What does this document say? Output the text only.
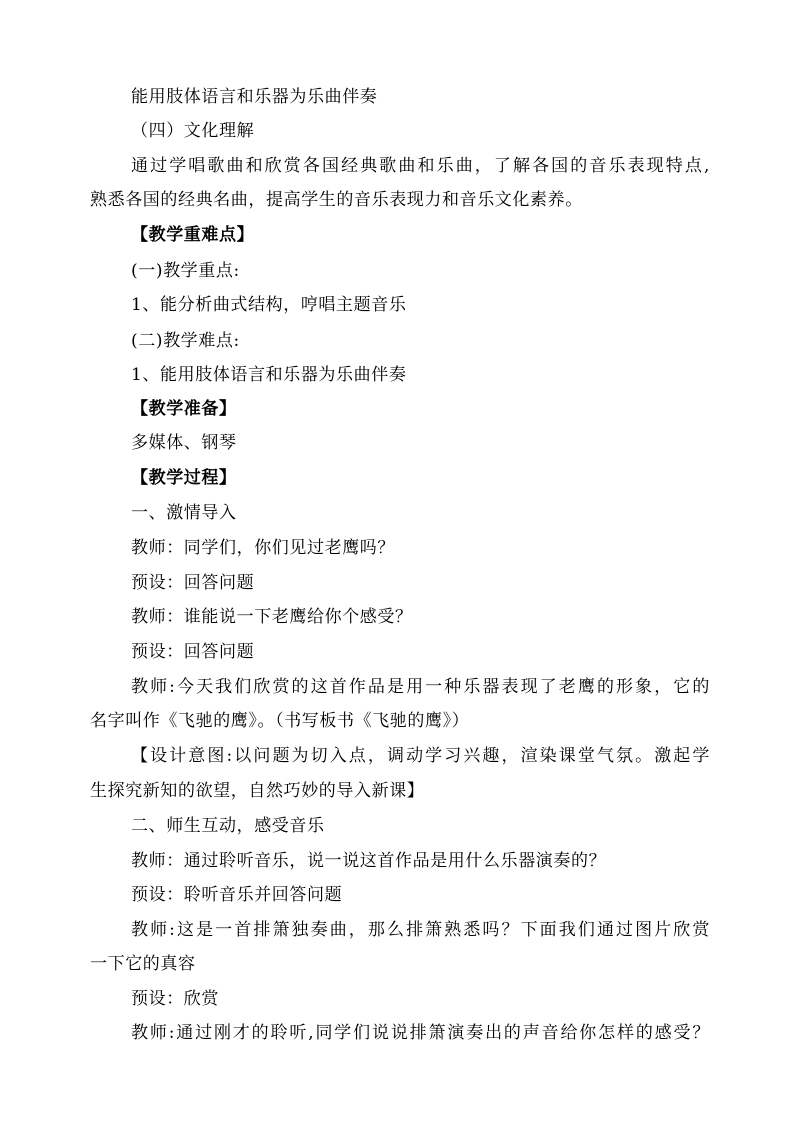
能用肢体语言和乐器为乐曲伴奏
（四）文化理解
通过学唱歌曲和欣赏各国经典歌曲和乐曲，了解各国的音乐表现特点,
熟悉各国的经典名曲，提高学生的音乐表现力和音乐文化素养。
【教学重难点】
(一)教学重点:
1、能分析曲式结构，哼唱主题音乐
(二)教学难点:
1、能用肢体语言和乐器为乐曲伴奏
【教学准备】
多媒体、钢琴
【教学过程】
一、激情导入
教师：同学们，你们见过老鹰吗？
预设：回答问题
教师：谁能说一下老鹰给你个感受？
预设：回答问题
教师:今天我们欣赏的这首作品是用一种乐器表现了老鹰的形象，它的
名字叫作《飞驰的鹰》。（书写板书《飞驰的鹰》）
【设计意图:以问题为切入点，调动学习兴趣，渲染课堂气氛。激起学
生探究新知的欲望，自然巧妙的导入新课】
二、师生互动，感受音乐
教师：通过聆听音乐，说一说这首作品是用什么乐器演奏的？
预设：聆听音乐并回答问题
教师:这是一首排箫独奏曲，那么排箫熟悉吗？下面我们通过图片欣赏
一下它的真容
预设：欣赏
教师:通过刚才的聆听,同学们说说排箫演奏出的声音给你怎样的感受？
